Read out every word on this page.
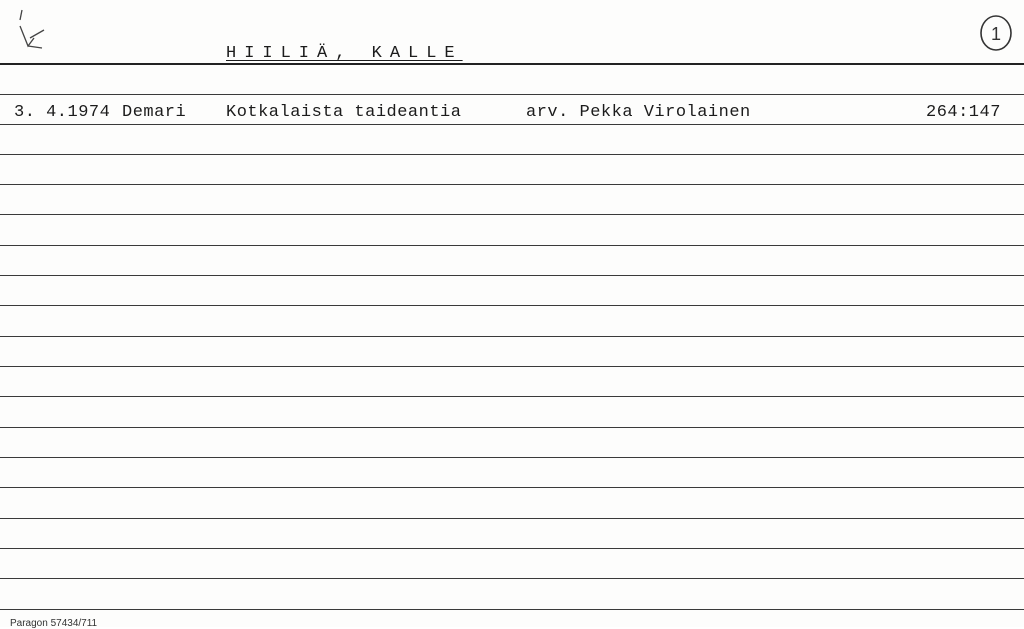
HIILIÄ, KALLE
1
3. 4.1974 Demari Kotkalaista taideantia	arv. Pekka Virolainen	264:147
Paragon 57434/711
